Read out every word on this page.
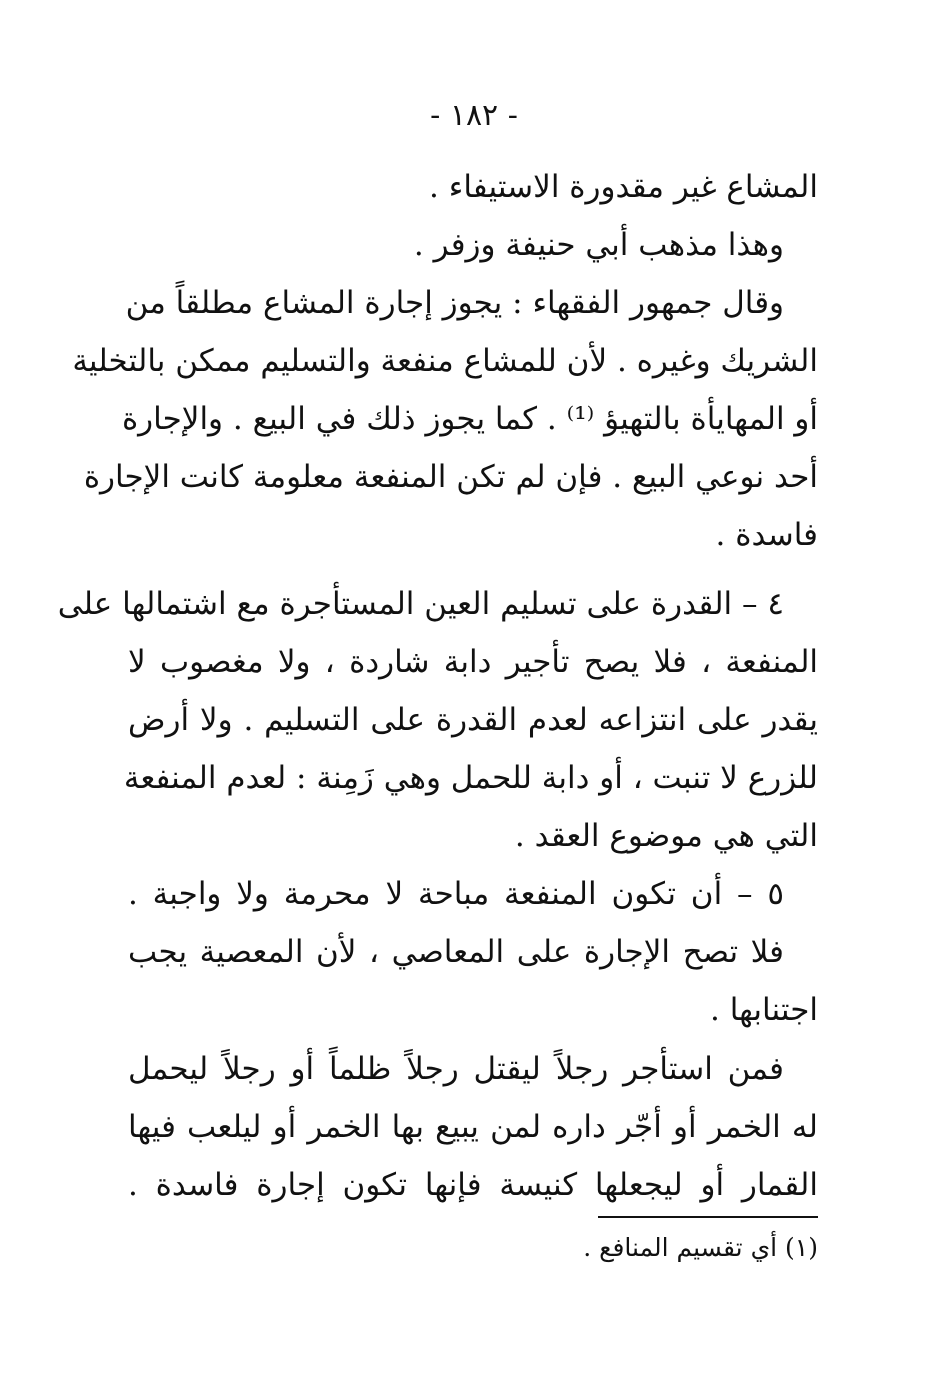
- ١٨٢ -
المشاع غير مقدورة الاستيفاء .
وهذا مذهب أبي حنيفة وزفر .
وقال جمهور الفقهاء : يجوز إجارة المشاع مطلقاً من
الشريك وغيره . لأن للمشاع منفعة والتسليم ممكن بالتخلية
أو المهايأة بالتهيؤ ⁽¹⁾ . كما يجوز ذلك في البيع . والإجارة
أحد نوعي البيع . فإن لم تكن المنفعة معلومة كانت الإجارة
فاسدة .
٤ – القدرة على تسليم العين المستأجرة مع اشتمالها على
المنفعة ، فلا يصح تأجير دابة شاردة ، ولا مغصوب لا
يقدر على انتزاعه لعدم القدرة على التسليم . ولا أرض
للزرع لا تنبت ، أو دابة للحمل وهي زَمِنة : لعدم المنفعة
التي هي موضوع العقد .
٥ – أن تكون المنفعة مباحة لا محرمة ولا واجبة .
فلا تصح الإجارة على المعاصي ، لأن المعصية يجب
اجتنابها .
فمن استأجر رجلاً ليقتل رجلاً ظلماً أو رجلاً ليحمل
له الخمر أو أجّر داره لمن يبيع بها الخمر أو ليلعب فيها
القمار أو ليجعلها كنيسة فإنها تكون إجارة فاسدة .
(١) أي تقسيم المنافع .
